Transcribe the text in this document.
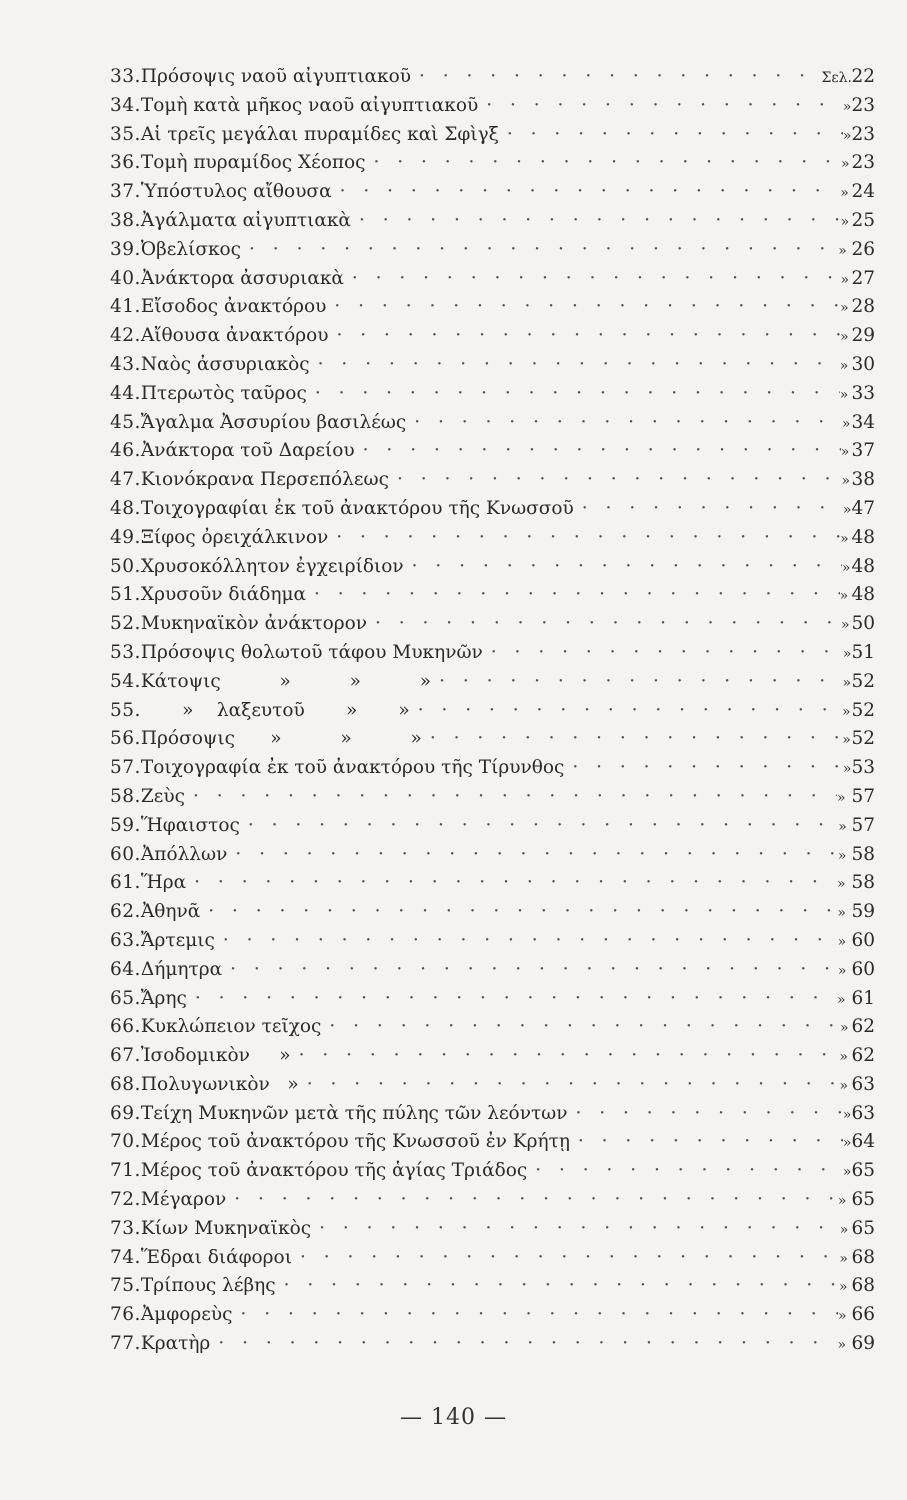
33. Πρόσοψις ναοῦ αἰγυπτιακοῦ · · ·	Σελ. 22
34. Τομὴ κατὰ μῆκος ναοῦ αἰγυπτιακοῦ · · ·	» 23
35. Αἱ τρεῖς μεγάλαι πυραμίδες καὶ Σφὶγξ · · ·	» 23
36. Τομὴ πυραμίδος Χέοπος · · ·	» 23
37. Ὑπόστυλος αἴθουσα · · ·	» 24
38. Ἀγάλματα αἰγυπτιακὰ · · ·	» 25
39. Ὀβελίσκος · · ·	» 26
40. Ἀνάκτορα ἀσσυριακὰ · · ·	» 27
41. Εἴσοδος ἀνακτόρου · · ·	» 28
42. Αἴθουσα ἀνακτόρου · · ·	» 29
43. Ναὸς ἀσσυριακὸς · · ·	» 30
44. Πτερωτὸς ταῦρος · · ·	» 33
45. Ἄγαλμα Ἀσσυρίου βασιλέως · · ·	» 34
46. Ἀνάκτορα τοῦ Δαρείου · · ·	» 37
47. Κιονόκρανα Περσεπόλεως · · ·	» 38
48. Τοιχογραφίαι ἐκ τοῦ ἀνακτόρου τῆς Κνωσσοῦ · · ·	» 47
49. Ξίφος ὀρειχάλκινον · · ·	» 48
50. Χρυσοκόλλητον ἐγχειρίδιον · · ·	» 48
51. Χρυσοῦν διάδημα · · ·	» 48
52. Μυκηναϊκὸν ἀνάκτορον · · ·	» 50
53. Πρόσοψις θολωτοῦ τάφου Μυκηνῶν · · ·	» 51
54. Κάτοψις          »          »          » · · ·	» 52
55. »    λαξευτοῦ       »       » · · ·	» 52
56. Πρόσοψις      »          »          » · · ·	» 52
57. Τοιχογραφία ἐκ τοῦ ἀνακτόρου τῆς Τίρυνθος · · ·	» 53
58. Ζεὺς · · ·	» 57
59. Ἥφαιστος · · ·	» 57
60. Ἀπόλλων · · ·	» 58
61. Ἥρα · · ·	» 58
62. Ἀθηνᾶ · · ·	» 59
63. Ἄρτεμις · · ·	» 60
64. Δήμητρα · · ·	» 60
65. Ἄρης · · ·	» 61
66. Κυκλώπειον τεῖχος · · ·	» 62
67. Ἰσοδομικὸν     » · · ·	» 62
68. Πολυγωνικὸν   » · · ·	» 63
69. Τείχη Μυκηνῶν μετὰ τῆς πύλης τῶν λεόντων · · ·	» 63
70. Μέρος τοῦ ἀνακτόρου τῆς Κνωσσοῦ ἐν Κρήτῃ · · ·	» 64
71. Μέρος τοῦ ἀνακτόρου τῆς ἁγίας Τριάδος · · ·	» 65
72. Μέγαρον · · ·	» 65
73. Κίων Μυκηναϊκὸς · · ·	» 65
74. Ἕδραι διάφοροι · · ·	» 68
75. Τρίπους λέβης · · ·	» 68
76. Ἀμφορεὺς · · ·	» 66
77. Κρατὴρ · · ·	» 69
— 140 —
